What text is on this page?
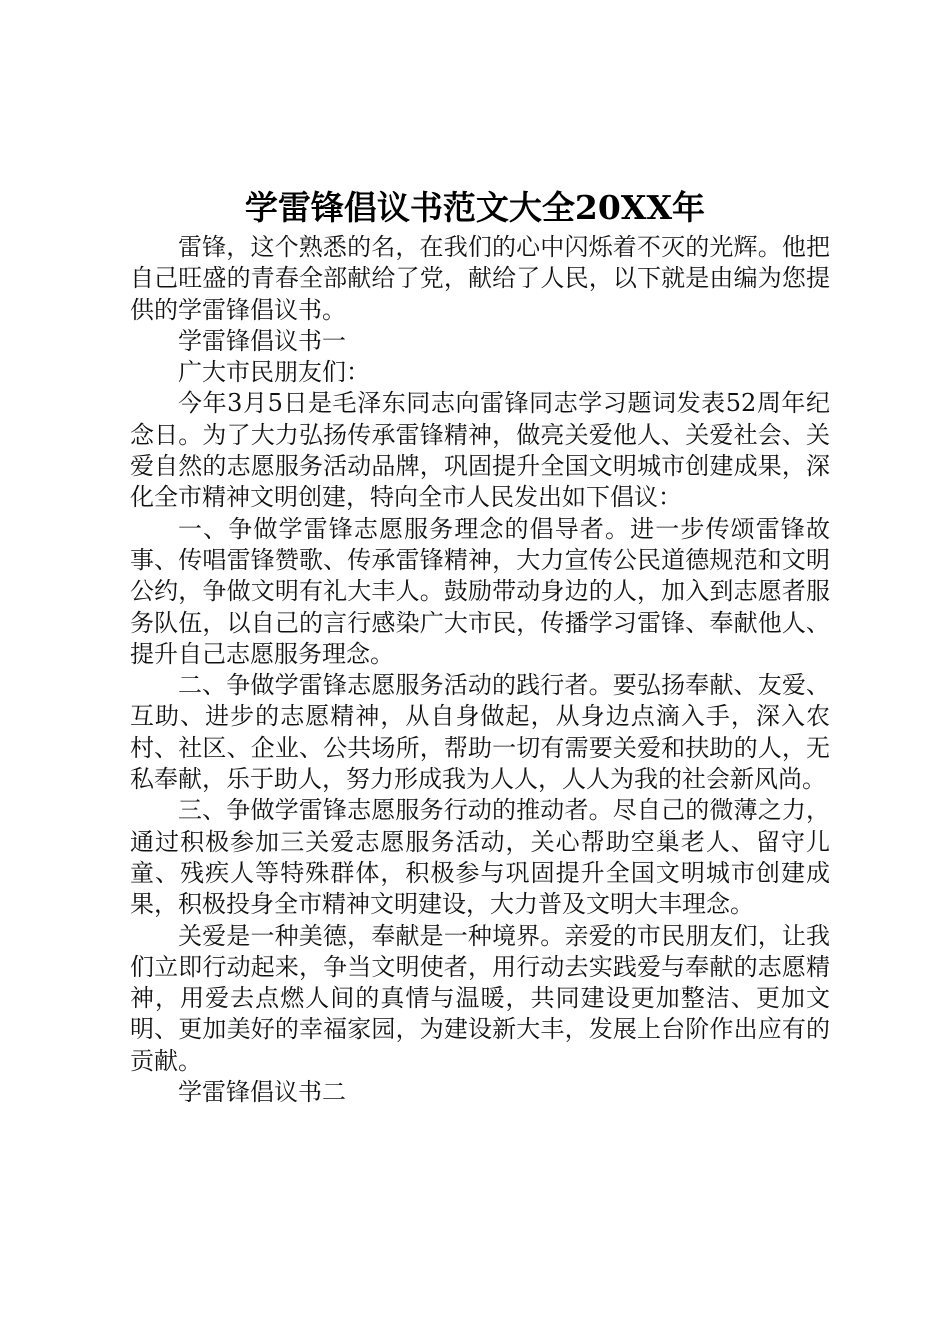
学雷锋倡议书范文大全20XX年

雷锋，这个熟悉的名，在我们的心中闪烁着不灭的光辉。他把自己旺盛的青春全部献给了党，献给了人民，以下就是由编为您提供的学雷锋倡议书。

学雷锋倡议书一

广大市民朋友们：

今年3月5日是毛泽东同志向雷锋同志学习题词发表52周年纪念日。为了大力弘扬传承雷锋精神，做亮关爱他人、关爱社会、关爱自然的志愿服务活动品牌，巩固提升全国文明城市创建成果，深化全市精神文明创建，特向全市人民发出如下倡议：

一、争做学雷锋志愿服务理念的倡导者。进一步传颂雷锋故事、传唱雷锋赞歌、传承雷锋精神，大力宣传公民道德规范和文明公约，争做文明有礼大丰人。鼓励带动身边的人，加入到志愿者服务队伍，以自己的言行感染广大市民，传播学习雷锋、奉献他人、提升自己志愿服务理念。

二、争做学雷锋志愿服务活动的践行者。要弘扬奉献、友爱、互助、进步的志愿精神，从自身做起，从身边点滴入手，深入农村、社区、企业、公共场所，帮助一切有需要关爱和扶助的人，无私奉献，乐于助人，努力形成我为人人，人人为我的社会新风尚。

三、争做学雷锋志愿服务行动的推动者。尽自己的微薄之力，通过积极参加三关爱志愿服务活动，关心帮助空巢老人、留守儿童、残疾人等特殊群体，积极参与巩固提升全国文明城市创建成果，积极投身全市精神文明建设，大力普及文明大丰理念。

关爱是一种美德，奉献是一种境界。亲爱的市民朋友们，让我们立即行动起来，争当文明使者，用行动去实践爱与奉献的志愿精神，用爱去点燃人间的真情与温暖，共同建设更加整洁、更加文明、更加美好的幸福家园，为建设新大丰，发展上台阶作出应有的贡献。

学雷锋倡议书二
